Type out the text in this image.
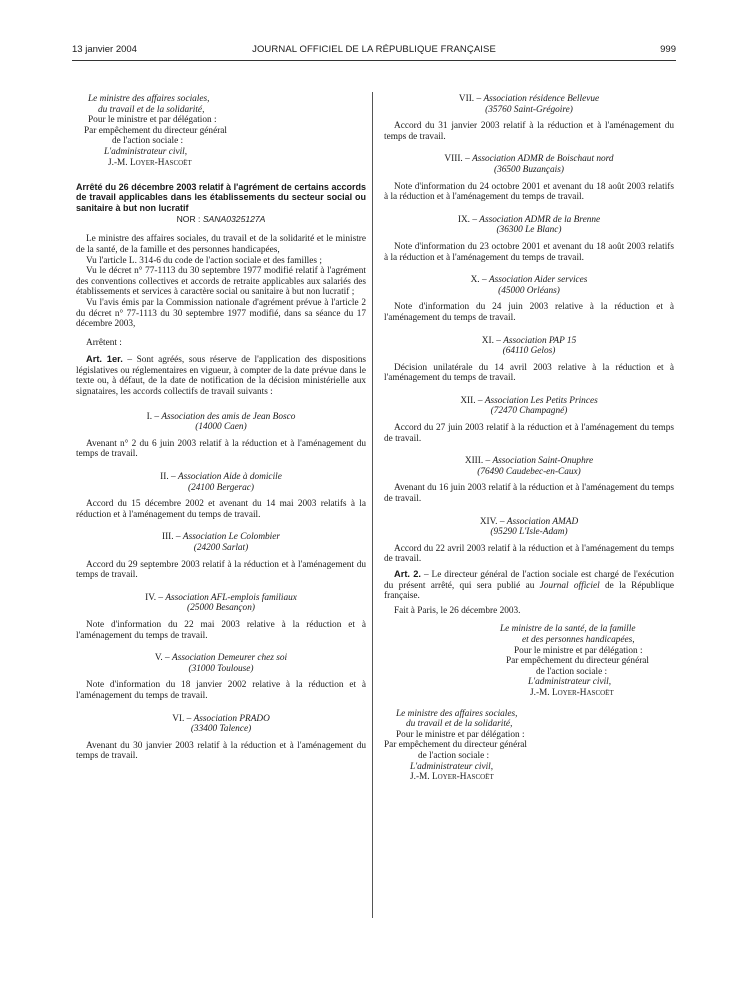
13 janvier 2004	JOURNAL OFFICIEL DE LA RÉPUBLIQUE FRANÇAISE	999

Le ministre des affaires sociales,

du travail et de la solidarité,

Pour le ministre et par délégation :

Par empêchement du directeur général

de l'action sociale :

L'administrateur civil,

J.-M. Loyer-Hascoët

Arrêté du 26 décembre 2003 relatif à l'agrément de certains accords de travail applicables dans les établissements du secteur social ou sanitaire à but non lucratif

NOR : SANA0325127A

Le ministre des affaires sociales, du travail et de la solidarité et le ministre de la santé, de la famille et des personnes handicapées,

Vu l'article L. 314-6 du code de l'action sociale et des familles ;

Vu le décret n° 77-1113 du 30 septembre 1977 modifié relatif à l'agrément des conventions collectives et accords de retraite applicables aux salariés des établissements et services à caractère social ou sanitaire à but non lucratif ;

Vu l'avis émis par la Commission nationale d'agrément prévue à l'article 2 du décret n° 77-1113 du 30 septembre 1977 modifié, dans sa séance du 17 décembre 2003,

Arrêtent :

Art. 1er. – Sont agréés, sous réserve de l'application des dispositions législatives ou réglementaires en vigueur, à compter de la date prévue dans le texte ou, à défaut, de la date de notification de la décision ministérielle aux signataires, les accords collectifs de travail suivants :

I. – Association des amis de Jean Bosco

(14000 Caen)

Avenant n° 2 du 6 juin 2003 relatif à la réduction et à l'aménagement du temps de travail.

II. – Association Aide à domicile

(24100 Bergerac)

Accord du 15 décembre 2002 et avenant du 14 mai 2003 relatifs à la réduction et à l'aménagement du temps de travail.

III. – Association Le Colombier

(24200 Sarlat)

Accord du 29 septembre 2003 relatif à la réduction et à l'aménagement du temps de travail.

IV. – Association AFL-emplois familiaux

(25000 Besançon)

Note d'information du 22 mai 2003 relative à la réduction et à l'aménagement du temps de travail.

V. – Association Demeurer chez soi

(31000 Toulouse)

Note d'information du 18 janvier 2002 relative à la réduction et à l'aménagement du temps de travail.

VI. – Association PRADO

(33400 Talence)

Avenant du 30 janvier 2003 relatif à la réduction et à l'aménagement du temps de travail.

VII. – Association résidence Bellevue

(35760 Saint-Grégoire)

Accord du 31 janvier 2003 relatif à la réduction et à l'aménagement du temps de travail.

VIII. – Association ADMR de Boischaut nord

(36500 Buzançais)

Note d'information du 24 octobre 2001 et avenant du 18 août 2003 relatifs à la réduction et à l'aménagement du temps de travail.

IX. – Association ADMR de la Brenne

(36300 Le Blanc)

Note d'information du 23 octobre 2001 et avenant du 18 août 2003 relatifs à la réduction et à l'aménagement du temps de travail.

X. – Association Aider services

(45000 Orléans)

Note d'information du 24 juin 2003 relative à la réduction et à l'aménagement du temps de travail.

XI. – Association PAP 15

(64110 Gelos)

Décision unilatérale du 14 avril 2003 relative à la réduction et à l'aménagement du temps de travail.

XII. – Association Les Petits Princes

(72470 Champagné)

Accord du 27 juin 2003 relatif à la réduction et à l'aménagement du temps de travail.

XIII. – Association Saint-Onuphre

(76490 Caudebec-en-Caux)

Avenant du 16 juin 2003 relatif à la réduction et à l'aménagement du temps de travail.

XIV. – Association AMAD

(95290 L'Isle-Adam)

Accord du 22 avril 2003 relatif à la réduction et à l'aménagement du temps de travail.

Art. 2. – Le directeur général de l'action sociale est chargé de l'exécution du présent arrêté, qui sera publié au Journal officiel de la République française.

Fait à Paris, le 26 décembre 2003.

Le ministre de la santé, de la famille

et des personnes handicapées,

Pour le ministre et par délégation :

Par empêchement du directeur général

de l'action sociale :

L'administrateur civil,

J.-M. Loyer-Hascoët

Le ministre des affaires sociales,

du travail et de la solidarité,

Pour le ministre et par délégation :

Par empêchement du directeur général

de l'action sociale :

L'administrateur civil,

J.-M. Loyer-Hascoët
